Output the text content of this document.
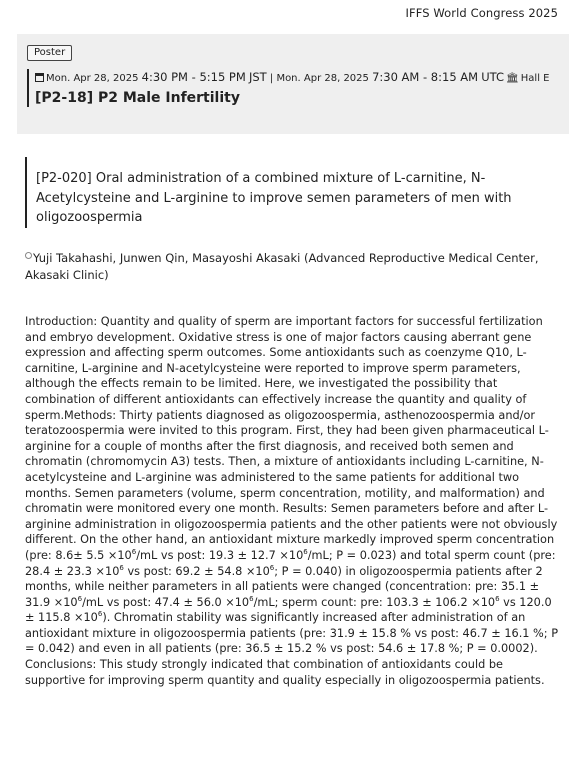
IFFS World Congress 2025
Poster
Mon. Apr 28, 2025 4:30 PM - 5:15 PM JST | Mon. Apr 28, 2025 7:30 AM - 8:15 AM UTC 🏛 Hall E
[P2-18] P2 Male Infertility
[P2-020] Oral administration of a combined mixture of L-carnitine, N-Acetylcysteine and L-arginine to improve semen parameters of men with oligozoospermia
Yuji Takahashi, Junwen Qin, Masayoshi Akasaki (Advanced Reproductive Medical Center, Akasaki Clinic)
Introduction: Quantity and quality of sperm are important factors for successful fertilization and embryo development. Oxidative stress is one of major factors causing aberrant gene expression and affecting sperm outcomes. Some antioxidants such as coenzyme Q10, L-carnitine, L-arginine and N-acetylcysteine were reported to improve sperm parameters, although the effects remain to be limited. Here, we investigated the possibility that combination of different antioxidants can effectively increase the quantity and quality of sperm.Methods: Thirty patients diagnosed as oligozoospermia, asthenozoospermia and/or teratozoospermia were invited to this program. First, they had been given pharmaceutical L-arginine for a couple of months after the first diagnosis, and received both semen and chromatin (chromomycin A3) tests. Then, a mixture of antioxidants including L-carnitine, N-acetylcysteine and L-arginine was administered to the same patients for additional two months. Semen parameters (volume, sperm concentration, motility, and malformation) and chromatin were monitored every one month. Results: Semen parameters before and after L-arginine administration in oligozoospermia patients and the other patients were not obviously different. On the other hand, an antioxidant mixture markedly improved sperm concentration (pre: $8.6\pm 5.5 \times 10^6/mL$ vs post: $19.3 \pm 12.7 \times 10^6/mL$; P = 0.023) and total sperm count (pre: $28.4 \pm 23.3 \times 10^6$ vs post: $69.2 \pm 54.8 \times 10^6$; P = 0.040) in oligozoospermia patients after 2 months, while neither parameters in all patients were changed (concentration: pre: $35.1 \pm 31.9 \times 10^6/mL$ vs post: $47.4 \pm 56.0 \times 10^6/mL$; sperm count: pre: $103.3 \pm 106.2 \times 10^6$ vs $120.0 \pm 115.8 \times 10^6$). Chromatin stability was significantly increased after administration of an antioxidant mixture in oligozoospermia patients (pre: 31.9 ± 15.8 % vs post: 46.7 ± 16.1 %; P = 0.042) and even in all patients (pre: 36.5 ± 15.2 % vs post: 54.6 ± 17.8 %; P = 0.0002). Conclusions: This study strongly indicated that combination of antioxidants could be supportive for improving sperm quantity and quality especially in oligozoospermia patients.
